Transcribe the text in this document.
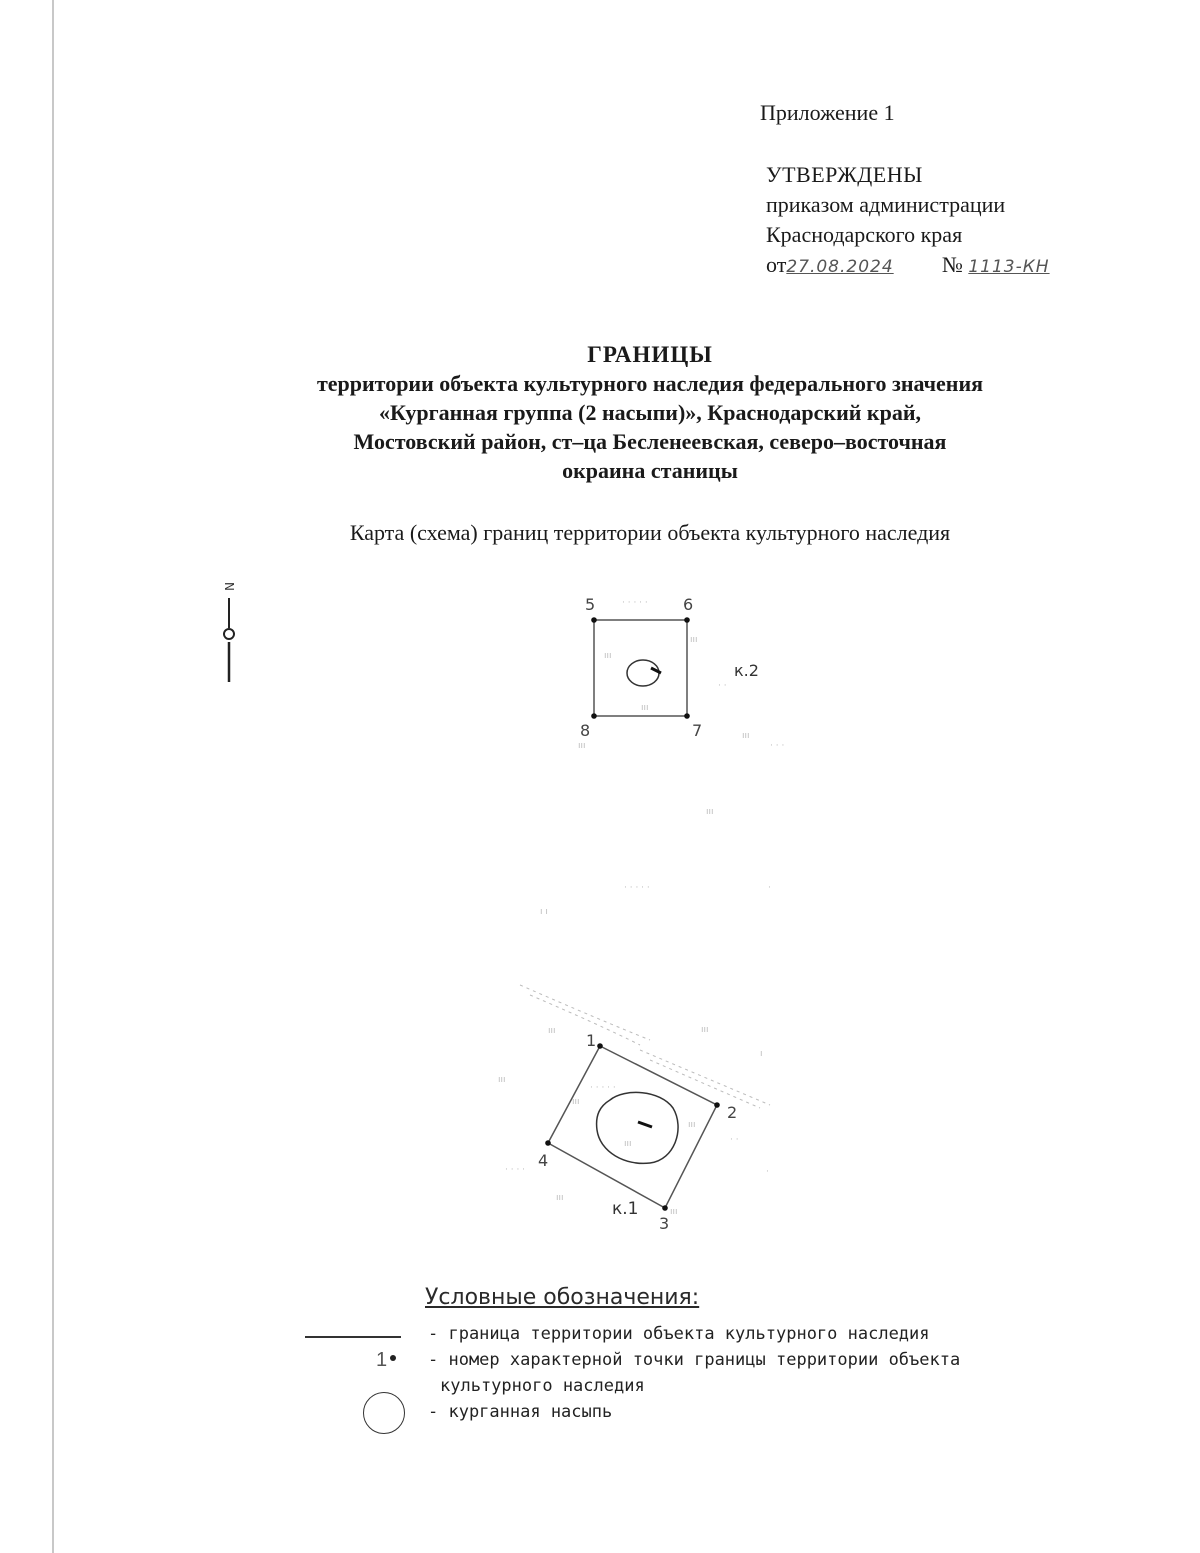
Приложение 1
УТВЕРЖДЕНЫ
приказом администрации
Краснодарского края
от27.08.2024 № 1113-КН
ГРАНИЦЫ
территории объекта культурного наследия федерального значения
«Курганная группа (2 насыпи)», Краснодарский край,
Мостовский район, ст–ца Бесленеевская, северо–восточная
окраина станицы
Карта (схема) границ территории объекта культурного наследия
N
5	6
7
8
к.2
ııı
ııı
ııı
ııı
ııı
· · · · ·
· · ·
· ·
ııı
ı ı
· · · · ·	·
ııı	ııı
ııı
ı
ııı
· · · ·	·
1
2
3
4
к.1
ııı
ııı
ııı
ııı
· · · · ·
· ·
Условные обозначения:
- граница территории объекта культурного наследия
1	- номер характерной точки границы территории объекта
культурного наследия
- курганная насыпь
